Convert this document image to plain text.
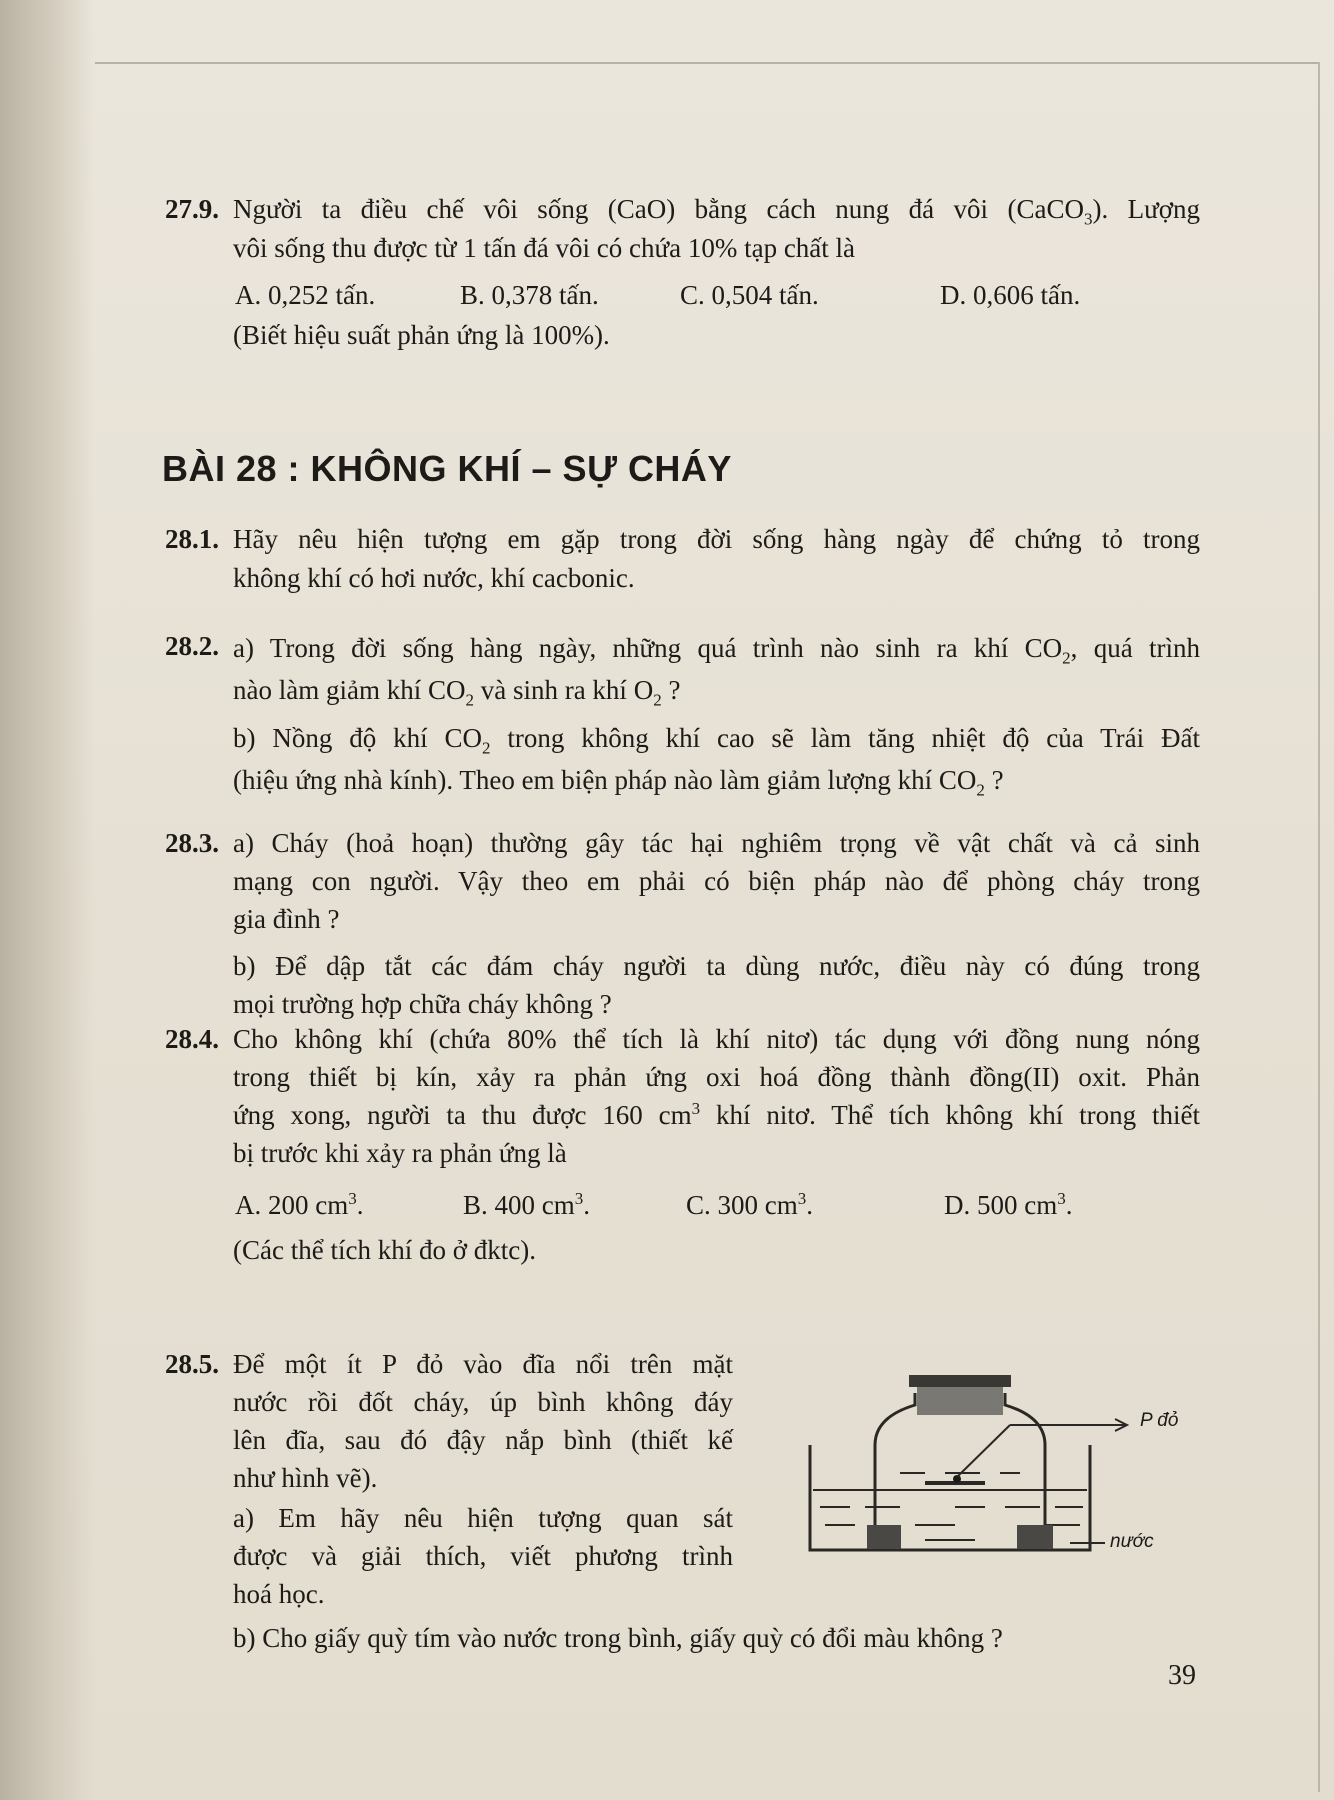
27.9. Người ta điều chế vôi sống (CaO) bằng cách nung đá vôi (CaCO$_3$). Lượng

vôi sống thu được từ 1 tấn đá vôi có chứa 10% tạp chất là

A. 0,252 tấn.	B. 0,378 tấn.	C. 0,504 tấn.	D. 0,606 tấn.

(Biết hiệu suất phản ứng là 100%).

BÀI 28 : KHÔNG KHÍ – SỰ CHÁY
28.1. Hãy nêu hiện tượng em gặp trong đời sống hàng ngày để chứng tỏ trong

không khí có hơi nước, khí cacbonic.

28.2. a) Trong đời sống hàng ngày, những quá trình nào sinh ra khí $CO_2$, quá trình

nào làm giảm khí $CO_2$ và sinh ra khí $O_2$ ?

b) Nồng độ khí $CO_2$ trong không khí cao sẽ làm tăng nhiệt độ của Trái Đất

(hiệu ứng nhà kính). Theo em biện pháp nào làm giảm lượng khí $CO_2$ ?

28.3. a) Cháy (hoả hoạn) thường gây tác hại nghiêm trọng về vật chất và cả sinh

mạng con người. Vậy theo em phải có biện pháp nào để phòng cháy trong

gia đình ?

b) Để dập tắt các đám cháy người ta dùng nước, điều này có đúng trong

mọi trường hợp chữa cháy không ?

28.4. Cho không khí (chứa 80% thể tích là khí nitơ) tác dụng với đồng nung nóng

trong thiết bị kín, xảy ra phản ứng oxi hoá đồng thành đồng(II) oxit. Phản

ứng xong, người ta thu được 160 $cm^3$ khí nitơ. Thể tích không khí trong thiết

bị trước khi xảy ra phản ứng là

A. 200 $cm^3$.	B. 400 $cm^3$.	C. 300 $cm^3$.	D. 500 $cm^3$.

(Các thể tích khí đo ở đktc).

28.5. Để một ít P đỏ vào đĩa nổi trên mặt

nước rồi đốt cháy, úp bình không đáy

lên đĩa, sau đó đậy nắp bình (thiết kế

như hình vẽ).

a) Em hãy nêu hiện tượng quan sát

được và giải thích, viết phương trình

hoá học.

b) Cho giấy quỳ tím vào nước trong bình, giấy quỳ có đổi màu không ?

P đỏ
nước
39
